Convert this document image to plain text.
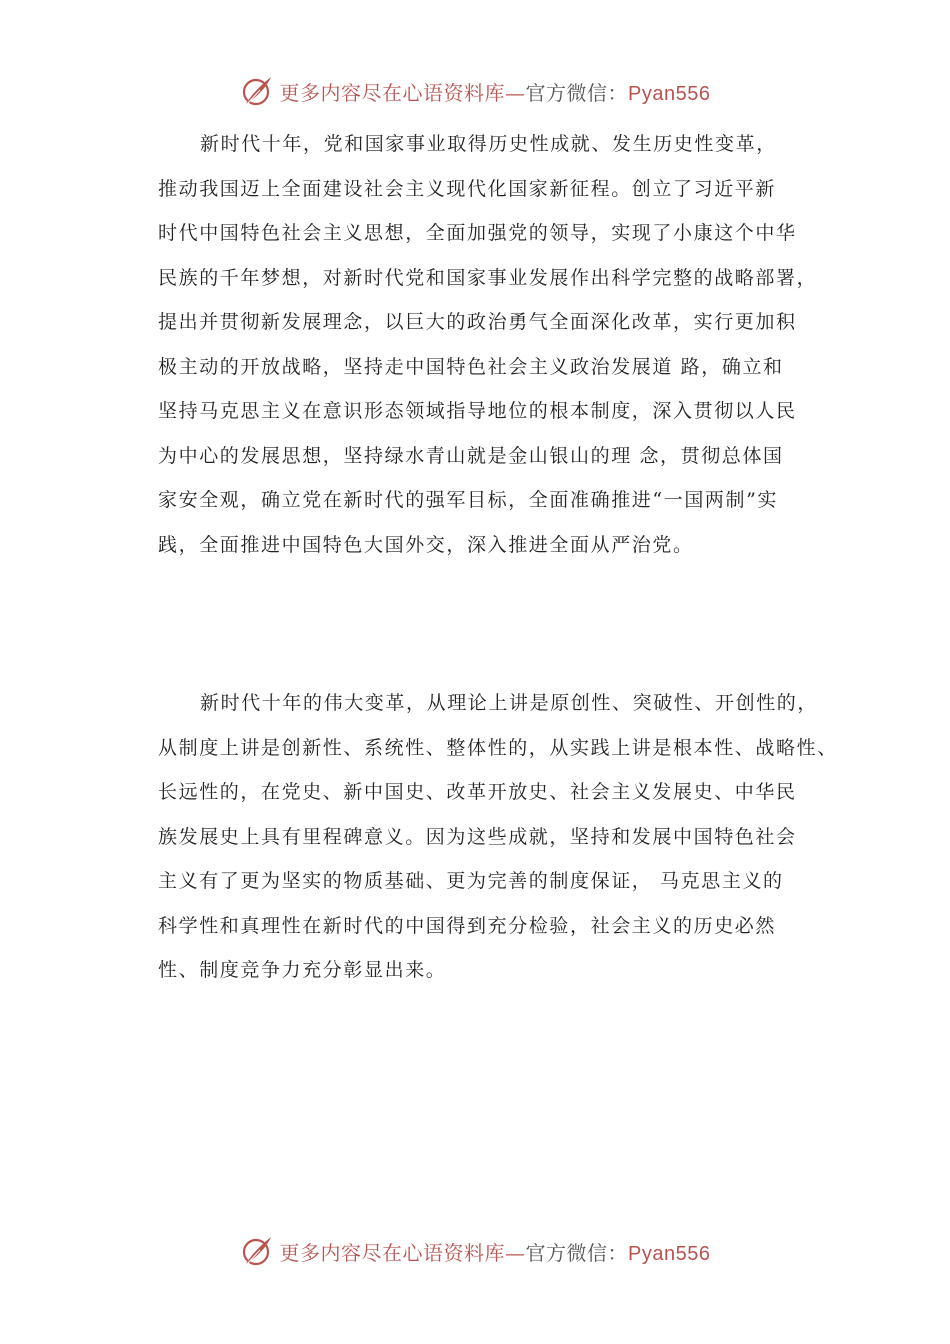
更多内容尽在心语资料库—官方微信：Pyan556
新时代十年，党和国家事业取得历史性成就、发生历史性变革，
推动我国迈上全面建设社会主义现代化国家新征程。创立了习近平新
时代中国特色社会主义思想，全面加强党的领导，实现了小康这个中华
民族的千年梦想，对新时代党和国家事业发展作出科学完整的战略部署，
提出并贯彻新发展理念，以巨大的政治勇气全面深化改革，实行更加积
极主动的开放战略，坚持走中国特色社会主义政治发展道 路，确立和
坚持马克思主义在意识形态领域指导地位的根本制度，深入贯彻以人民
为中心的发展思想，坚持绿水青山就是金山银山的理 念，贯彻总体国
家安全观，确立党在新时代的强军目标，全面准确推进“一国两制”实
践，全面推进中国特色大国外交，深入推进全面从严治党。
新时代十年的伟大变革，从理论上讲是原创性、突破性、开创性的，
从制度上讲是创新性、系统性、整体性的，从实践上讲是根本性、战略性、
长远性的，在党史、新中国史、改革开放史、社会主义发展史、中华民
族发展史上具有里程碑意义。因为这些成就，坚持和发展中国特色社会
主义有了更为坚实的物质基础、更为完善的制度保证， 马克思主义的
科学性和真理性在新时代的中国得到充分检验，社会主义的历史必然
性、制度竞争力充分彰显出来。
更多内容尽在心语资料库—官方微信：Pyan556
